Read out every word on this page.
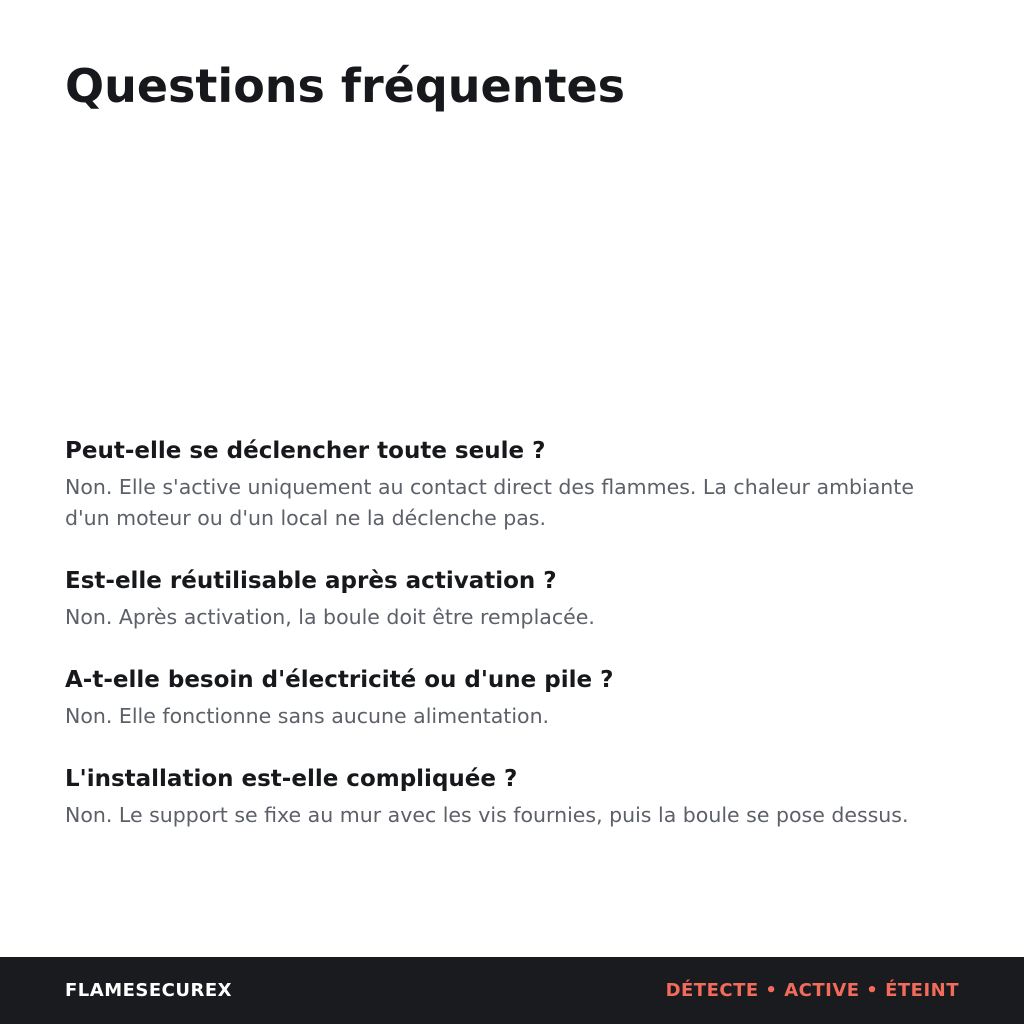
Questions fréquentes
Peut-elle se déclencher toute seule ?

Non. Elle s'active uniquement au contact direct des flammes. La chaleur ambiante d'un moteur ou d'un local ne la déclenche pas.

Est-elle réutilisable après activation ?

Non. Après activation, la boule doit être remplacée.

A-t-elle besoin d'électricité ou d'une pile ?

Non. Elle fonctionne sans aucune alimentation.

L'installation est-elle compliquée ?

Non. Le support se fixe au mur avec les vis fournies, puis la boule se pose dessus.

FLAMESECUREX	DÉTECTE • ACTIVE • ÉTEINT
